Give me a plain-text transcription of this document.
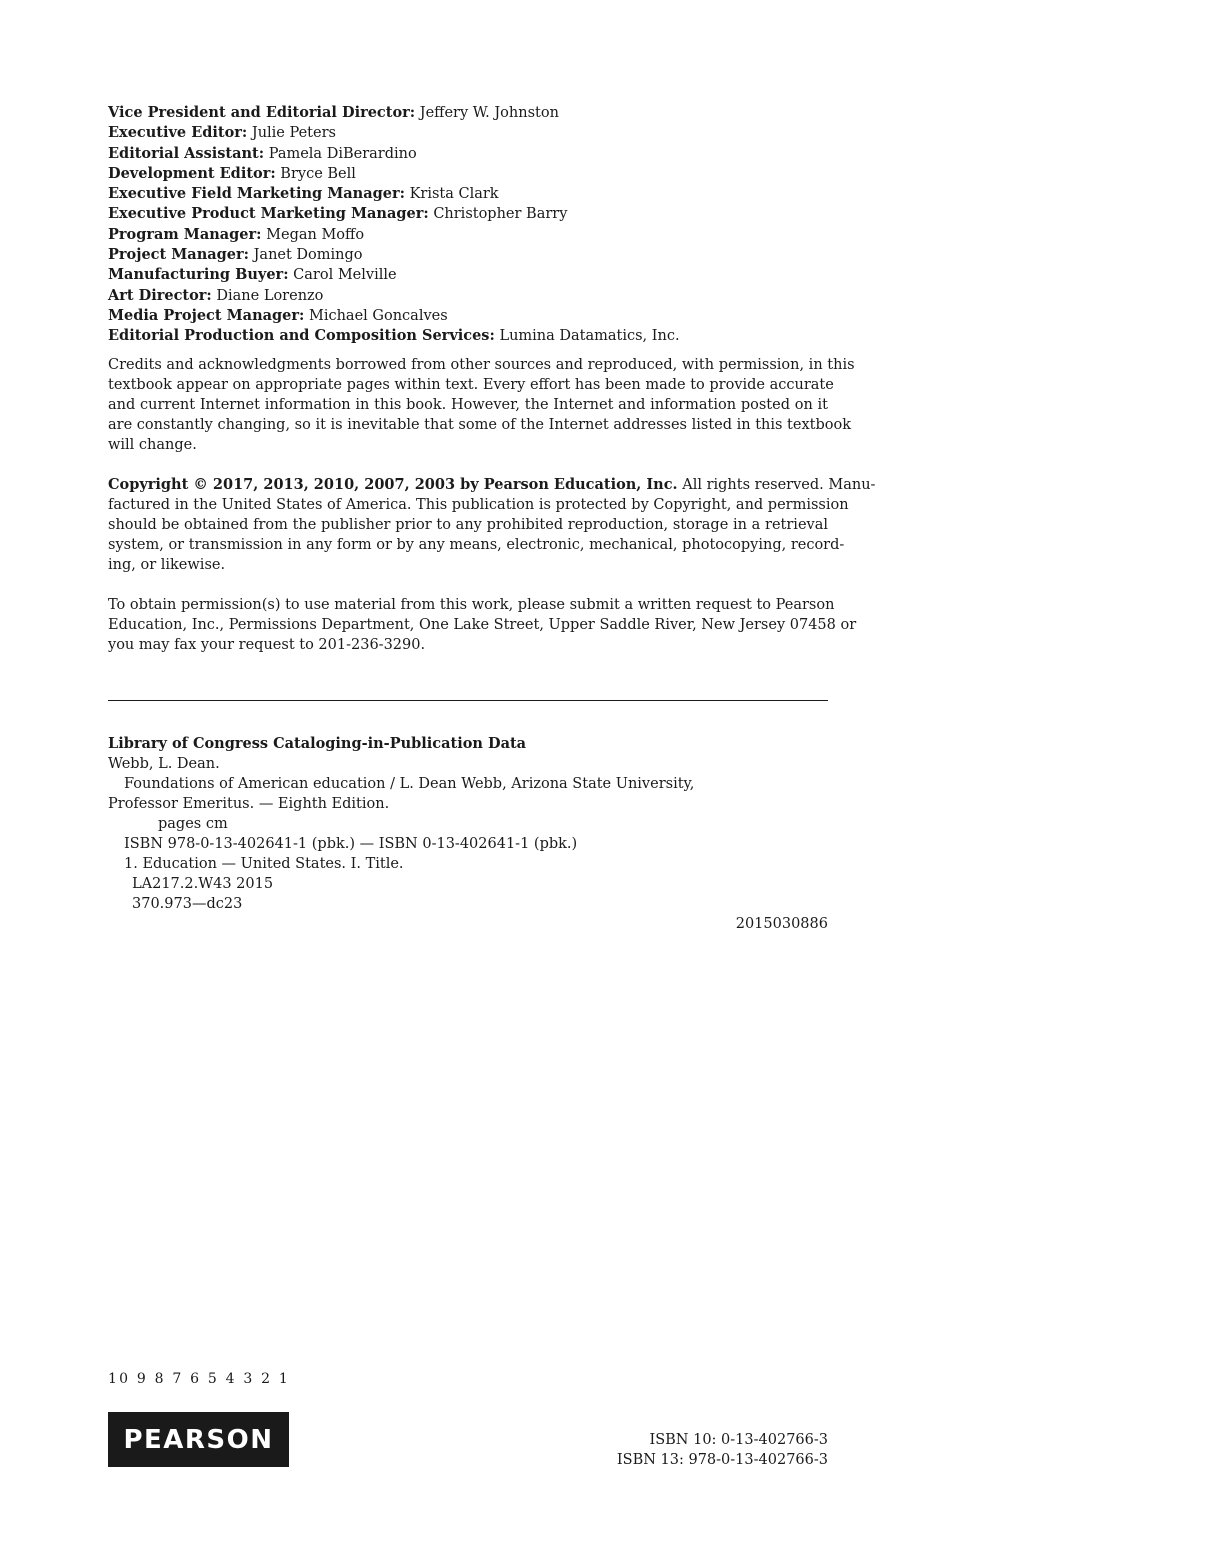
Vice President and Editorial Director: Jeffery W. Johnston
Executive Editor: Julie Peters
Editorial Assistant: Pamela DiBerardino
Development Editor: Bryce Bell
Executive Field Marketing Manager: Krista Clark
Executive Product Marketing Manager: Christopher Barry
Program Manager: Megan Moffo
Project Manager: Janet Domingo
Manufacturing Buyer: Carol Melville
Art Director: Diane Lorenzo
Media Project Manager: Michael Goncalves
Editorial Production and Composition Services: Lumina Datamatics, Inc.

Credits and acknowledgments borrowed from other sources and reproduced, with permission, in this
textbook appear on appropriate pages within text. Every effort has been made to provide accurate
and current Internet information in this book. However, the Internet and information posted on it
are constantly changing, so it is inevitable that some of the Internet addresses listed in this textbook
will change.

Copyright © 2017, 2013, 2010, 2007, 2003 by Pearson Education, Inc. All rights reserved. Manu-
factured in the United States of America. This publication is protected by Copyright, and permission
should be obtained from the publisher prior to any prohibited reproduction, storage in a retrieval
system, or transmission in any form or by any means, electronic, mechanical, photocopying, record-
ing, or likewise.

To obtain permission(s) to use material from this work, please submit a written request to Pearson
Education, Inc., Permissions Department, One Lake Street, Upper Saddle River, New Jersey 07458 or
you may fax your request to 201-236-3290.

Library of Congress Cataloging-in-Publication Data
Webb, L. Dean.
Foundations of American education / L. Dean Webb, Arizona State University,
Professor Emeritus. — Eighth Edition.
pages cm
ISBN 978-0-13-402641-1 (pbk.) — ISBN 0-13-402641-1 (pbk.)
1. Education — United States. I. Title.
LA217.2.W43 2015
370.973—dc23
2015030886
10 9 8 7 6 5 4 3 2 1
PEARSON	ISBN 10: 0-13-402766-3
ISBN 13: 978-0-13-402766-3
